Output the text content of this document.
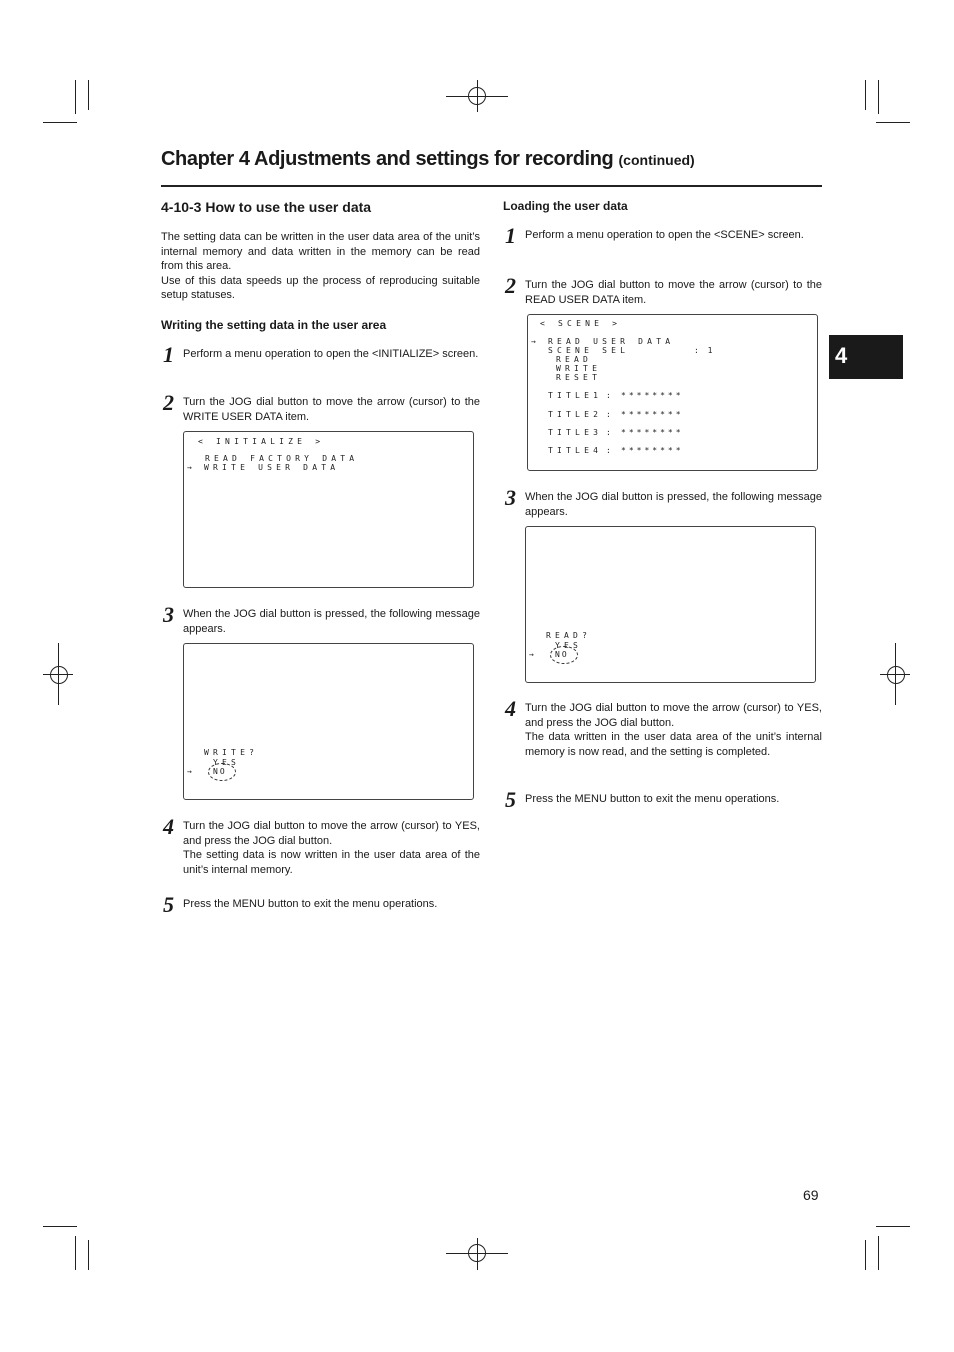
Chapter 4 Adjustments and settings for recording (continued)
4-10-3 How to use the user data

The setting data can be written in the user data area of the unit’s internal memory and data written in the memory can be read from this area.

Use of this data speeds up the process of reproducing suitable setup statuses.

Writing the setting data in the user area
1 Perform a menu operation to open the <INITIALIZE> screen.
2 Turn the JOG dial button to move the arrow (cursor) to the WRITE USER DATA item.
< INITIALIZE >
READ FACTORY DATA
→ WRITE USER DATA
3 When the JOG dial button is pressed, the following message appears.
WRITE?
YES
→	NO
4 Turn the JOG dial button to move the arrow (cursor) to YES, and press the JOG dial button.
The setting data is now written in the user data area of the unit’s internal memory.
5 Press the MENU button to exit the menu operations.
Loading the user data
1 Perform a menu operation to open the <SCENE> screen.
2 Turn the JOG dial button to move the arrow (cursor) to the READ USER DATA item.
< SCENE >
→ READ USER DATA
SCENE SEL	: 1
READ
WRITE
RESET
TITLE1 : ********
TITLE2 : ********
TITLE3 : ********
TITLE4 : ********
3 When the JOG dial button is pressed, the following message appears.
READ?
YES
→	NO
4 Turn the JOG dial button to move the arrow (cursor) to YES, and press the JOG dial button.
The data written in the user data area of the unit’s internal memory is now read, and the setting is completed.
5 Press the MENU button to exit the menu operations.
4
69
